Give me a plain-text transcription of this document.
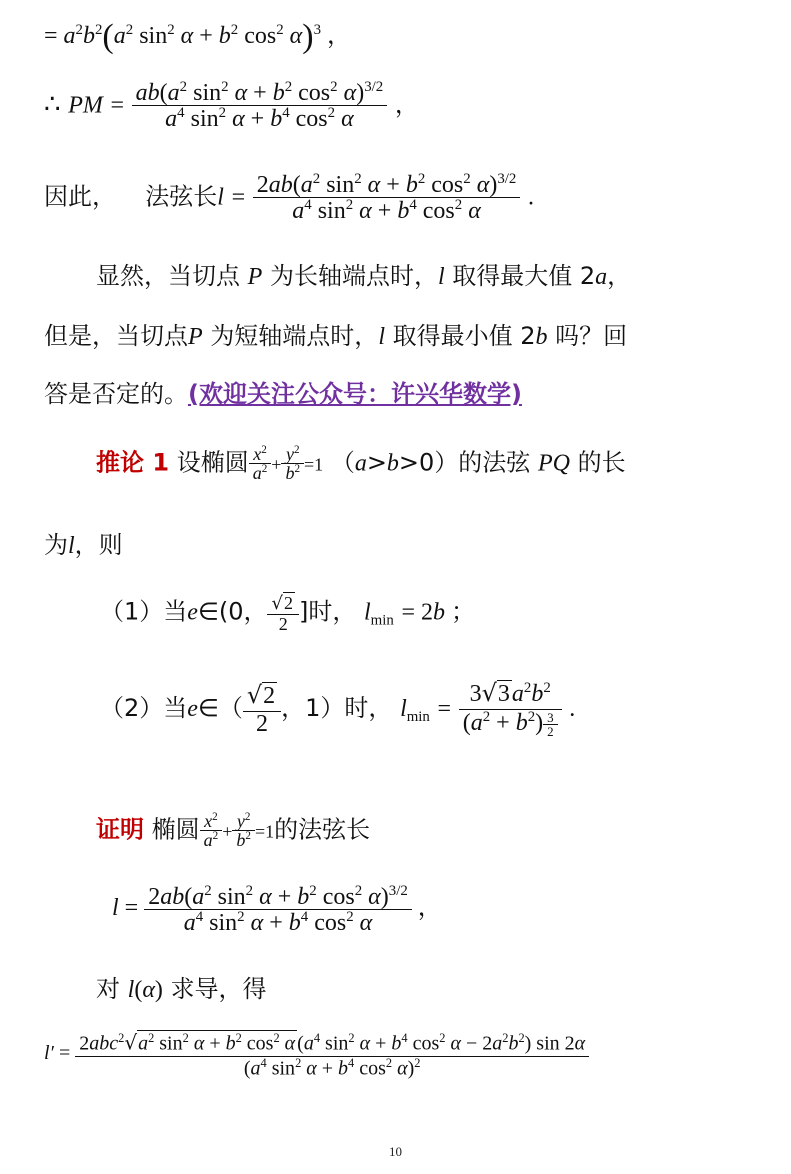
= $a^2b^2(a^2$ $\sin^2 \alpha + b^2$ $\cos^2 \alpha)^3$ ，
∴ PM = $\frac{ab(a^2 \sin^2 \alpha + b^2 \cos^2 \alpha)^{3/2}}{a^4 \sin^2 \alpha + b^4 \cos^2 \alpha}$ ，
因此， 法弦长$l = \frac{2ab(a^2 \sin^2 \alpha + b^2 \cos^2 \alpha)^{3/2}}{a^4 \sin^2 \alpha + b^4 \cos^2 \alpha}$ .
显然，当切点 P 为长轴端点时，l 取得最大值 2a，
但是，当切点P 为短轴端点时，l 取得最小值 2b 吗？回
答是否定的。(欢迎关注公众号：许兴华数学)
推论 1 设椭圆 $\frac{x^2}{a^2} + \frac{y^2}{b^2} =1$ （a>b>0）的法弦 PQ 的长
为l，则
（1）当e∈(0， $\frac{√2}{2}$ ]时， $l_{min} = 2b$ ；
（2）当e∈（ $\frac{√2}{2}$ ，1）时， $l_{min} = \frac{3√3a^2b^2}{(a^2 + b^2) \frac{3}{2}}$ .
证明 椭圆 $\frac{x^2}{a^2} + \frac{y^2}{b^2} =1$的法弦长
$l = \frac{2ab(a^2 \sin^2 \alpha + b^2 \cos^2 \alpha)^{3/2}}{a^4 \sin^2 \alpha + b^4 \cos^2 \alpha}$ ，
对 l(α) 求导，得
$l' = 2abc^2√a^2$ $\sin^2 \alpha + b^2$ $\cos^2 \alpha$ ($a^4$ $\sin^2 \alpha + b^4$ $\cos^2 \alpha - 2a^2b^2$) sin 2α
($a^4$ $\sin^2 \alpha + b^4$ $\cos^2 \alpha)^2$
10
